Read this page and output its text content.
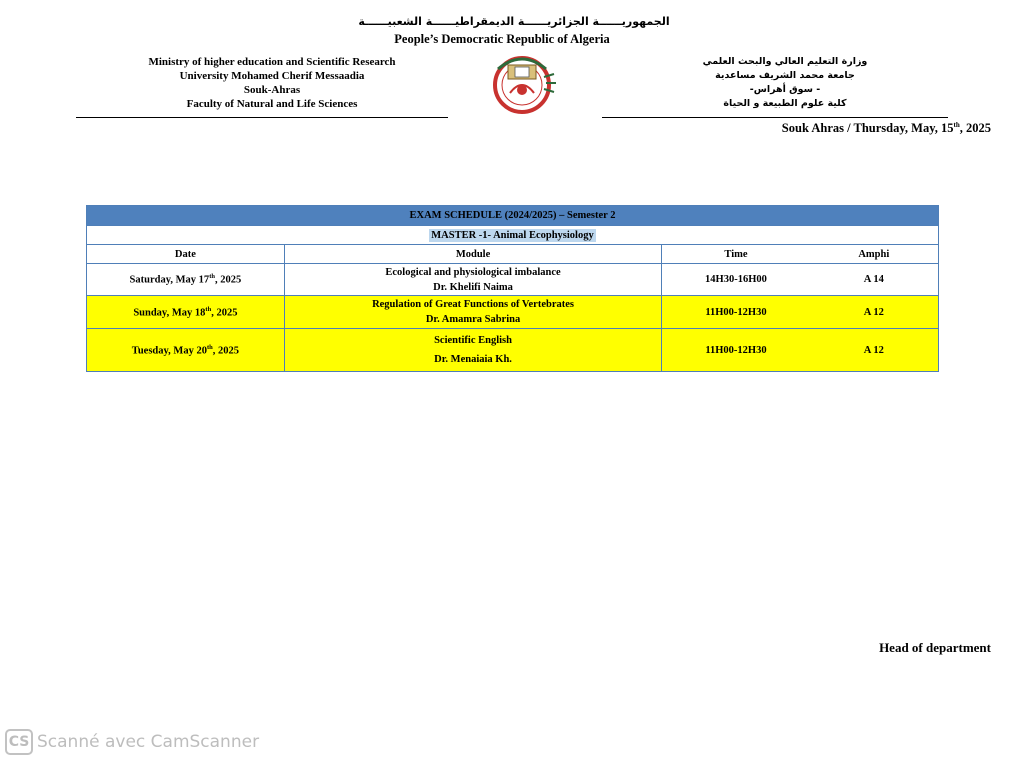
الجمهوريــــــة الجزائريــــــة الديمقراطيــــــة الشعبيــــــة
People’s Democratic Republic of Algeria
Ministry of higher education and Scientific Research
University Mohamed Cherif Messaadia
Souk-Ahras
Faculty of Natural and Life Sciences
وزارة التعليم العالي والبحث العلمي
جامعة محمد الشريف مساعدية
- سوق أهراس-
كلية علوم الطبيعة و الحياة
Souk Ahras / Thursday, May, 15th, 2025
EXAM SCHEDULE (2024/2025) – Semester 2			
MASTER -1- Animal Ecophysiology			
Date	Module	Time	Amphi
Saturday, May 17th, 2025	Ecological and physiological imbalance
Dr. Khelifi Naima	14H30-16H00	A 14
Sunday, May 18th, 2025	Regulation of Great Functions of Vertebrates
Dr. Amamra Sabrina	11H00-12H30	A 12
Tuesday, May 20th, 2025	Scientific English
Dr. Menaiaia Kh.	11H00-12H30	A 12
Head of department
CS Scanné avec CamScanner
